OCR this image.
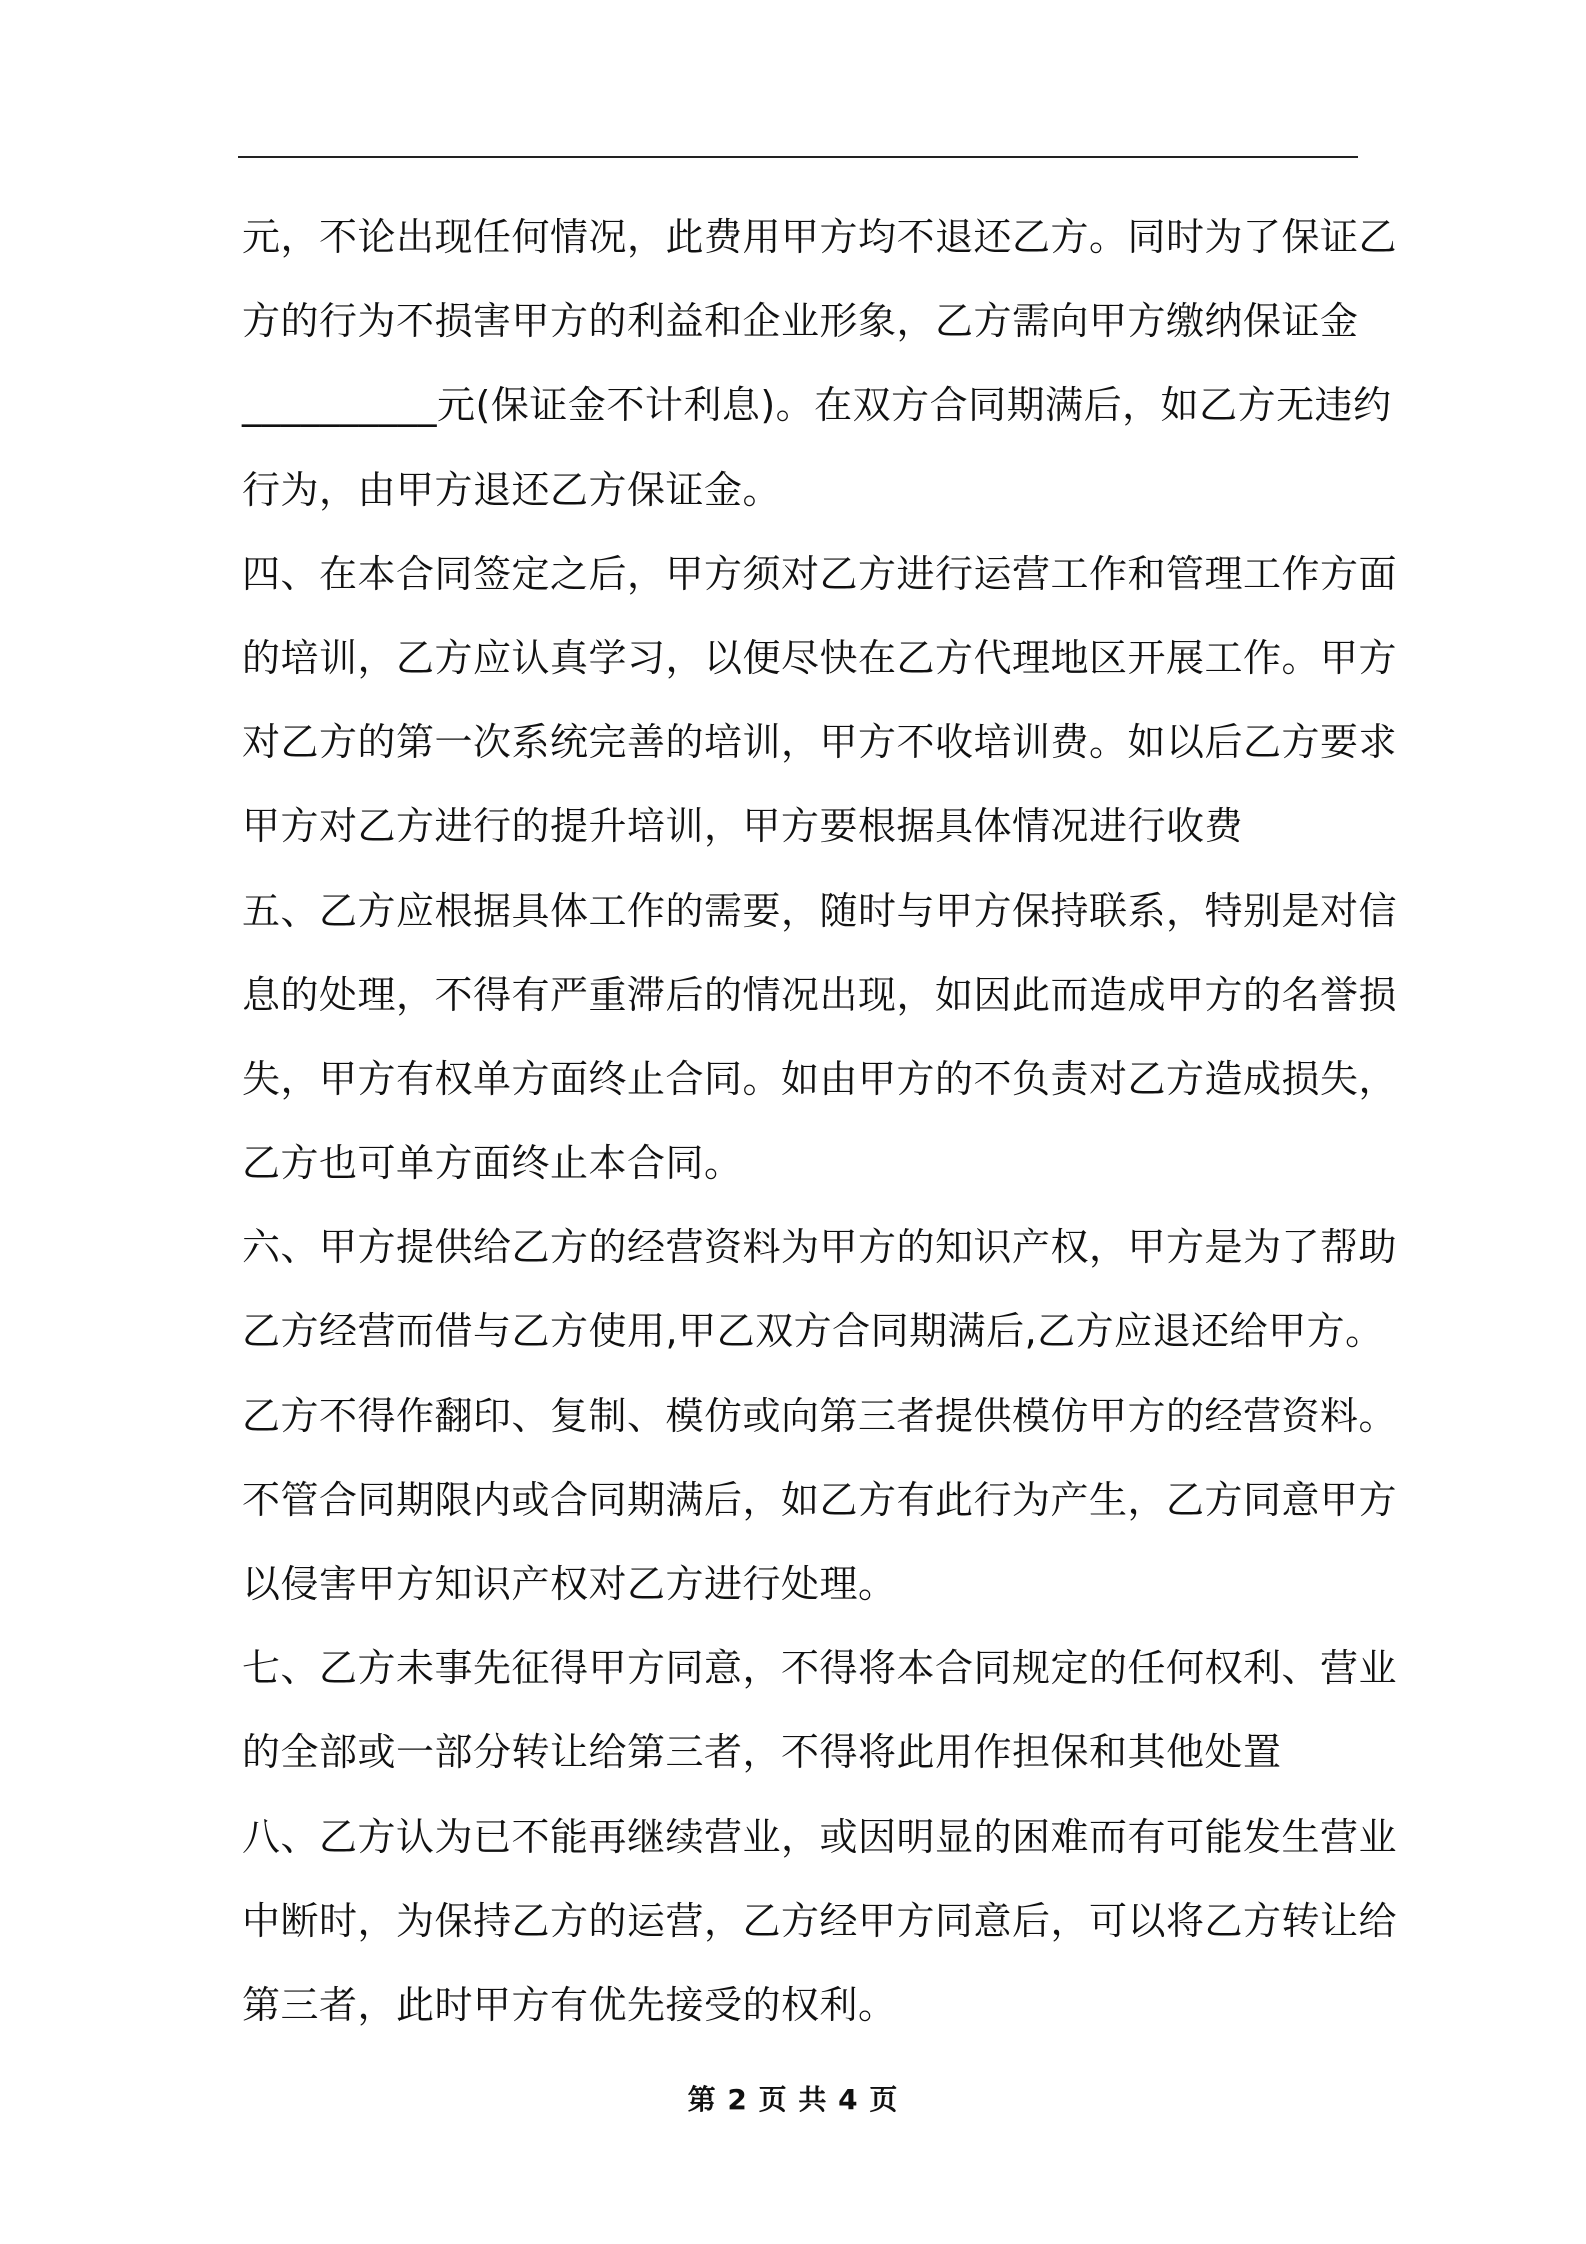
元，不论出现任何情况，此费用甲方均不退还乙方。同时为了保证乙
方的行为不损害甲方的利益和企业形象，乙方需向甲方缴纳保证金
__________元(保证金不计利息)。在双方合同期满后，如乙方无违约
行为，由甲方退还乙方保证金。
四、在本合同签定之后，甲方须对乙方进行运营工作和管理工作方面
的培训，乙方应认真学习，以便尽快在乙方代理地区开展工作。甲方
对乙方的第一次系统完善的培训，甲方不收培训费。如以后乙方要求
甲方对乙方进行的提升培训，甲方要根据具体情况进行收费
五、乙方应根据具体工作的需要，随时与甲方保持联系，特别是对信
息的处理，不得有严重滞后的情况出现，如因此而造成甲方的名誉损
失，甲方有权单方面终止合同。如由甲方的不负责对乙方造成损失，
乙方也可单方面终止本合同。
六、甲方提供给乙方的经营资料为甲方的知识产权，甲方是为了帮助
乙方经营而借与乙方使用,甲乙双方合同期满后,乙方应退还给甲方。
乙方不得作翻印、复制、模仿或向第三者提供模仿甲方的经营资料。
不管合同期限内或合同期满后，如乙方有此行为产生，乙方同意甲方
以侵害甲方知识产权对乙方进行处理。
七、乙方未事先征得甲方同意，不得将本合同规定的任何权利、营业
的全部或一部分转让给第三者，不得将此用作担保和其他处置
八、乙方认为已不能再继续营业，或因明显的困难而有可能发生营业
中断时，为保持乙方的运营，乙方经甲方同意后，可以将乙方转让给
第三者，此时甲方有优先接受的权利。
第 2 页 共 4 页
